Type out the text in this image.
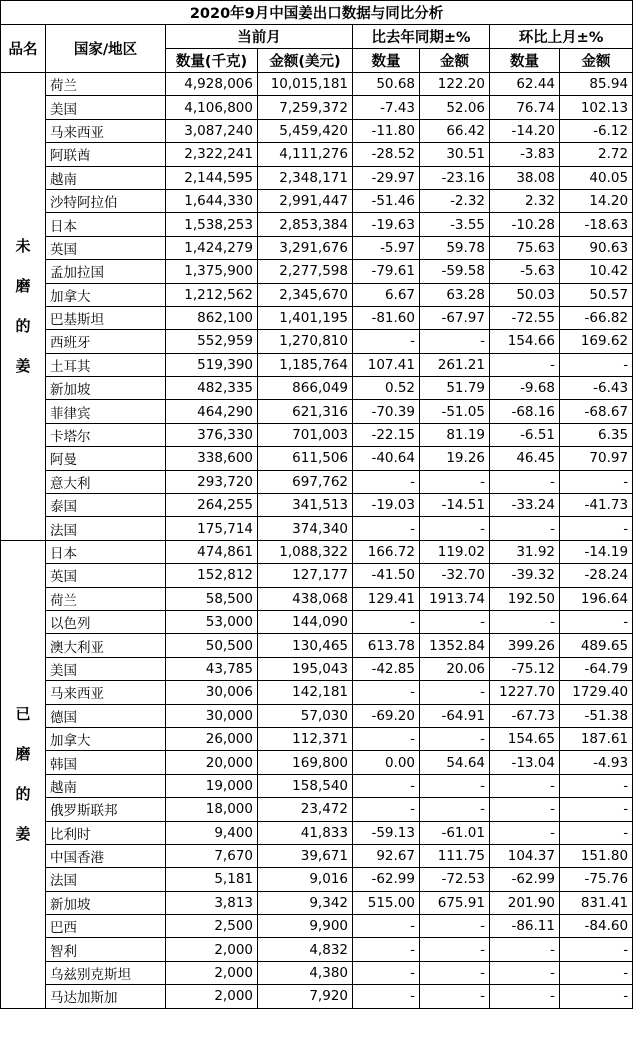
2020年9月中国姜出口数据与同比分析							
品名	国家/地区	当前月		比去年同期±%		环比上月±%	
		数量(千克)	金额(美元)	数量	金额	数量	金额

未
磨
的
姜	荷兰	4,928,006	10,015,181	50.68	122.20	62.44	85.94
	美国	4,106,800	7,259,372	-7.43	52.06	76.74	102.13
	马来西亚	3,087,240	5,459,420	-11.80	66.42	-14.20	-6.12
	阿联酋	2,322,241	4,111,276	-28.52	30.51	-3.83	2.72
	越南	2,144,595	2,348,171	-29.97	-23.16	38.08	40.05
	沙特阿拉伯	1,644,330	2,991,447	-51.46	-2.32	2.32	14.20
	日本	1,538,253	2,853,384	-19.63	-3.55	-10.28	-18.63
	英国	1,424,279	3,291,676	-5.97	59.78	75.63	90.63
	孟加拉国	1,375,900	2,277,598	-79.61	-59.58	-5.63	10.42
	加拿大	1,212,562	2,345,670	6.67	63.28	50.03	50.57
	巴基斯坦	862,100	1,401,195	-81.60	-67.97	-72.55	-66.82
	西班牙	552,959	1,270,810	-	-	154.66	169.62
	土耳其	519,390	1,185,764	107.41	261.21	-	-
	新加坡	482,335	866,049	0.52	51.79	-9.68	-6.43
	菲律宾	464,290	621,316	-70.39	-51.05	-68.16	-68.67
	卡塔尔	376,330	701,003	-22.15	81.19	-6.51	6.35
	阿曼	338,600	611,506	-40.64	19.26	46.45	70.97
	意大利	293,720	697,762	-	-	-	-
	泰国	264,255	341,513	-19.03	-14.51	-33.24	-41.73
	法国	175,714	374,340	-	-	-	-

已
磨
的
姜	日本	474,861	1,088,322	166.72	119.02	31.92	-14.19
	英国	152,812	127,177	-41.50	-32.70	-39.32	-28.24
	荷兰	58,500	438,068	129.41	1913.74	192.50	196.64
	以色列	53,000	144,090	-	-	-	-
	澳大利亚	50,500	130,465	613.78	1352.84	399.26	489.65
	美国	43,785	195,043	-42.85	20.06	-75.12	-64.79
	马来西亚	30,006	142,181	-	-	1227.70	1729.40
	德国	30,000	57,030	-69.20	-64.91	-67.73	-51.38
	加拿大	26,000	112,371	-	-	154.65	187.61
	韩国	20,000	169,800	0.00	54.64	-13.04	-4.93
	越南	19,000	158,540	-	-	-	-
	俄罗斯联邦	18,000	23,472	-	-	-	-
	比利时	9,400	41,833	-59.13	-61.01	-	-
	中国香港	7,670	39,671	92.67	111.75	104.37	151.80
	法国	5,181	9,016	-62.99	-72.53	-62.99	-75.76
	新加坡	3,813	9,342	515.00	675.91	201.90	831.41
	巴西	2,500	9,900	-	-	-86.11	-84.60
	智利	2,000	4,832	-	-	-	-
	乌兹别克斯坦	2,000	4,380	-	-	-	-
	马达加斯加	2,000	7,920	-	-	-	-
